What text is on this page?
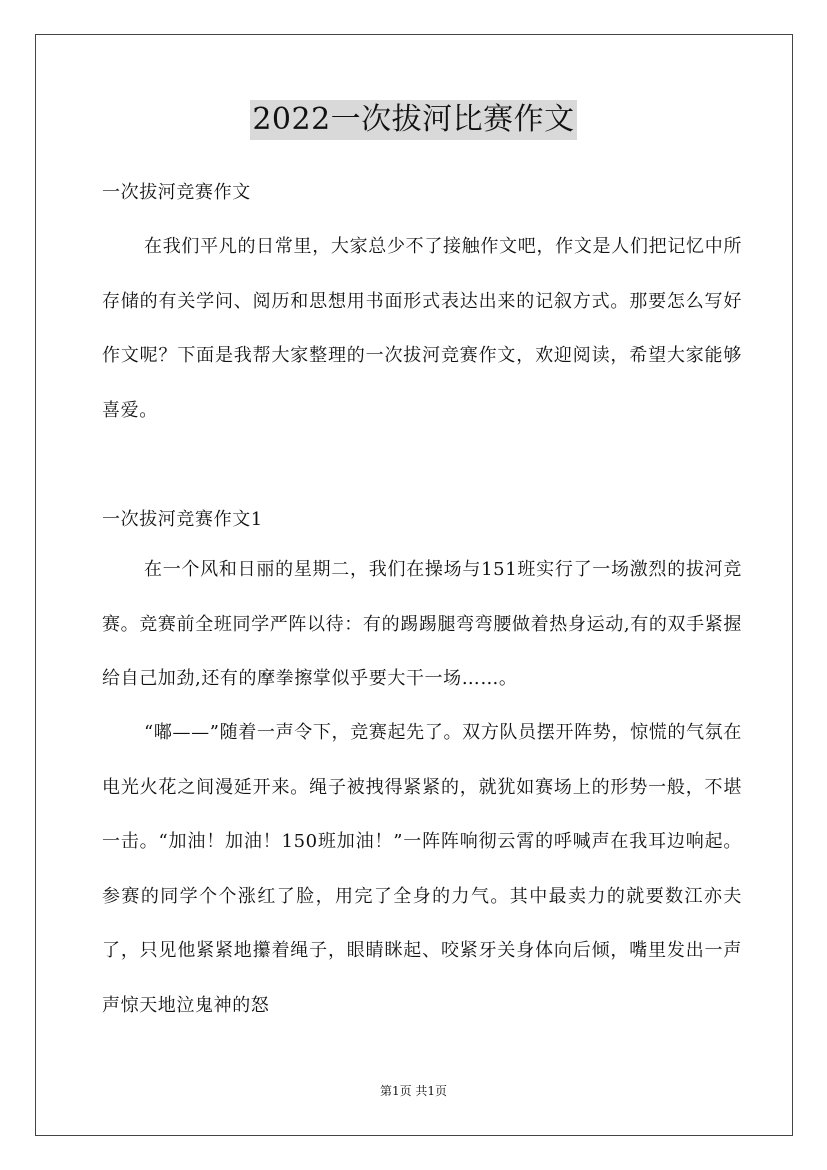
2022一次拔河比赛作文

一次拔河竞赛作文

在我们平凡的日常里，大家总少不了接触作文吧，作文是人们把记忆中所存储的有关学问、阅历和思想用书面形式表达出来的记叙方式。那要怎么写好作文呢？下面是我帮大家整理的一次拔河竞赛作文，欢迎阅读，希望大家能够喜爱。

一次拔河竞赛作文1

在一个风和日丽的星期二，我们在操场与151班实行了一场激烈的拔河竞赛。竞赛前全班同学严阵以待：有的踢踢腿弯弯腰做着热身运动,有的双手紧握给自己加劲,还有的摩拳擦掌似乎要大干一场……。

“嘟——”随着一声令下，竞赛起先了。双方队员摆开阵势，惊慌的气氛在电光火花之间漫延开来。绳子被拽得紧紧的，就犹如赛场上的形势一般，不堪一击。“加油！加油！150班加油！”一阵阵响彻云霄的呼喊声在我耳边响起。参赛的同学个个涨红了脸，用完了全身的力气。其中最卖力的就要数江亦夫了，只见他紧紧地攥着绳子，眼睛眯起、咬紧牙关身体向后倾，嘴里发出一声声惊天地泣鬼神的怒

第1页 共1页
